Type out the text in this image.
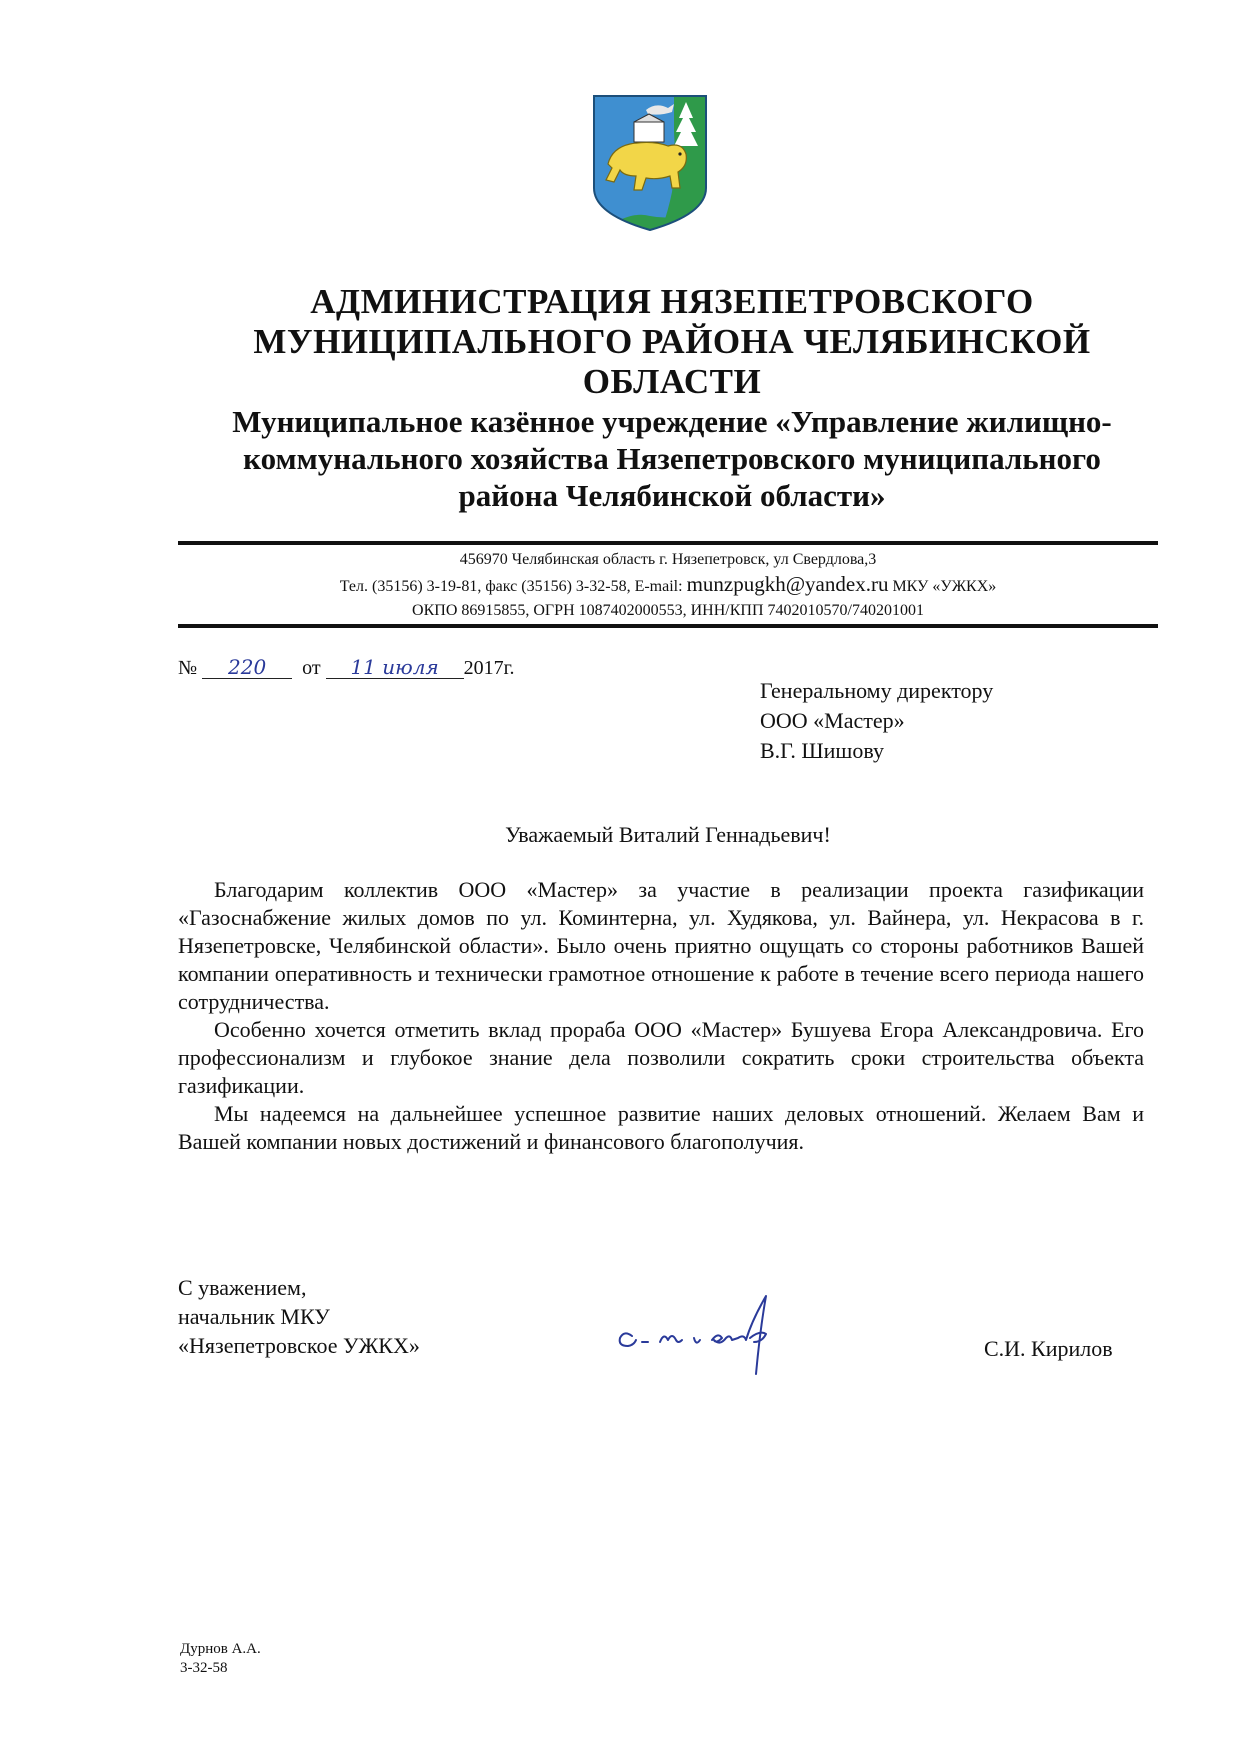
АДМИНИСТРАЦИЯ НЯЗЕПЕТРОВСКОГО
МУНИЦИПАЛЬНОГО РАЙОНА ЧЕЛЯБИНСКОЙ
ОБЛАСТИ
Муниципальное казённое учреждение «Управление жилищно-
коммунального хозяйства Нязепетровского муниципального
района Челябинской области»
456970 Челябинская область г. Нязепетровск, ул Свердлова,3
Тел. (35156) 3-19-81, факс (35156) 3-32-58, E-mail: munzpugkh@yandex.ru МКУ «УЖКХ»
ОКПО 86915855, ОГРН 1087402000553, ИНН/КПП 7402010570/740201001
№ 220 от 11 июля 2017г.
Генеральному директору
ООО «Мастер»
В.Г. Шишову
Уважаемый Виталий Геннадьевич!

Благодарим коллектив ООО «Мастер» за участие в реализации проекта газификации «Газоснабжение жилых домов по ул. Коминтерна, ул. Худякова, ул. Вайнера, ул. Некрасова в г. Нязепетровске, Челябинской области». Было очень приятно ощущать со стороны работников Вашей компании оперативность и технически грамотное отношение к работе в течение всего периода нашего сотрудничества.

Особенно хочется отметить вклад прораба ООО «Мастер» Бушуева Егора Александровича. Его профессионализм и глубокое знание дела позволили сократить сроки строительства объекта газификации.

Мы надеемся на дальнейшее успешное развитие наших деловых отношений. Желаем Вам и Вашей компании новых достижений и финансового благополучия.

С уважением,
начальник МКУ
«Нязепетровское УЖКХ»	С.И. Кирилов
Дурнов А.А.
3-32-58
